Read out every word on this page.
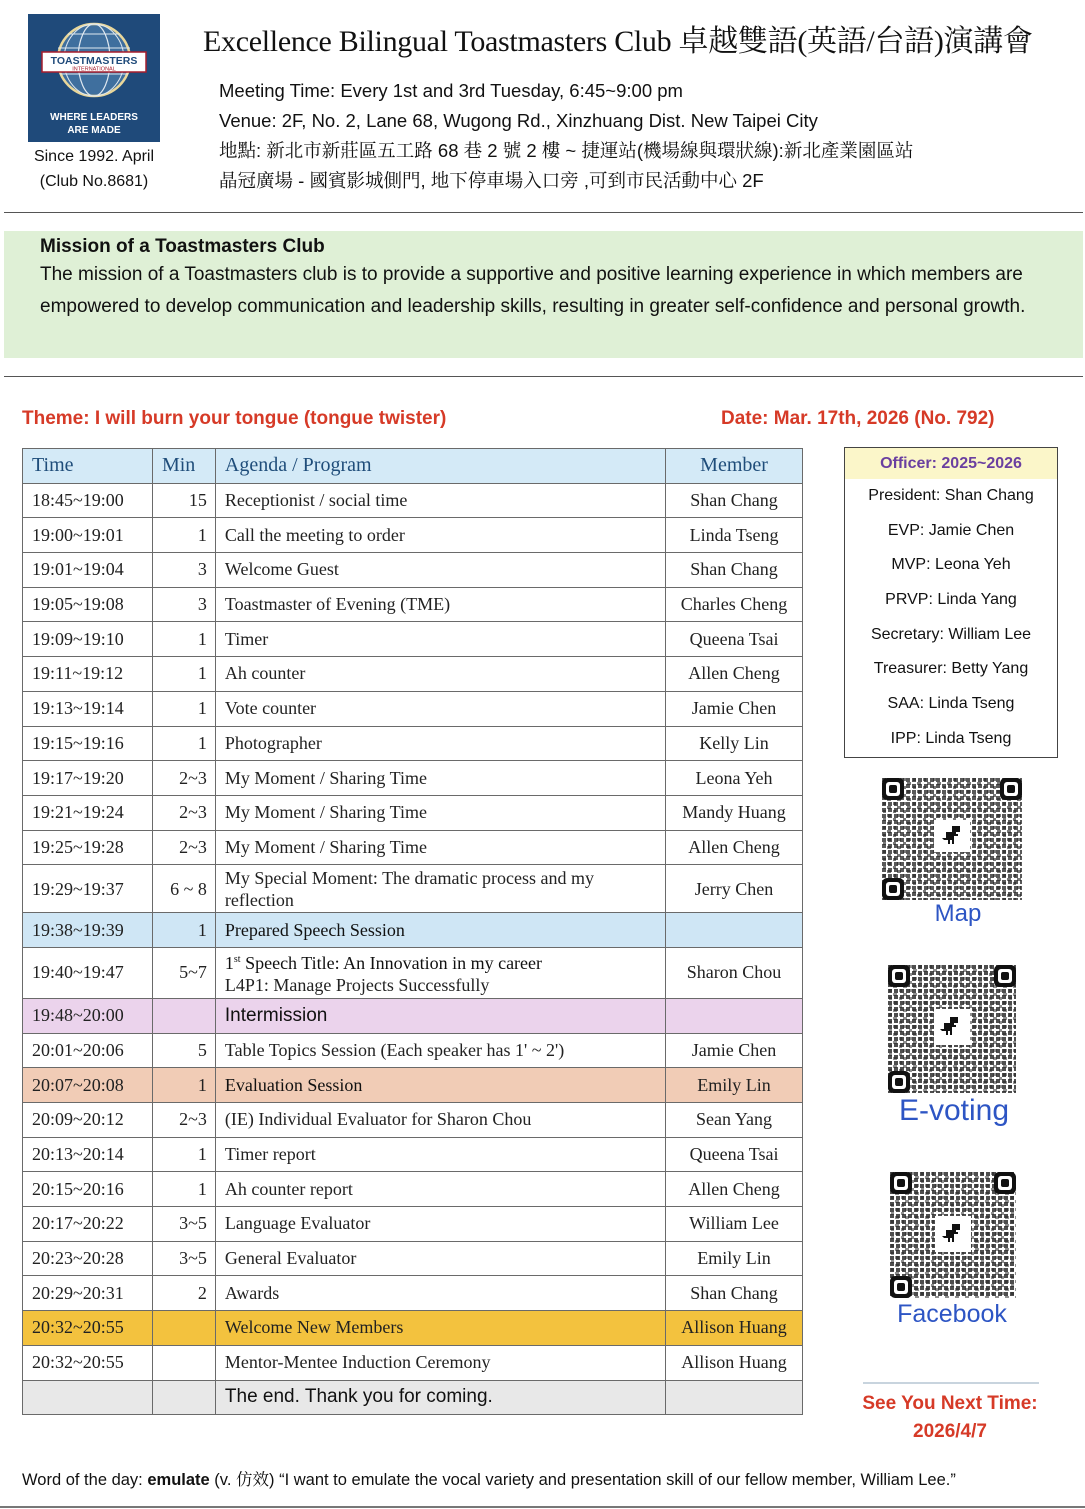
TOASTMASTERS
INTERNATIONAL
WHERE LEADERS
ARE MADE
Since 1992. April
(Club No.8681)
Excellence Bilingual Toastmasters Club 卓越雙語(英語/台語)演講會
Meeting Time: Every 1st and 3rd Tuesday, 6:45~9:00 pm
Venue: 2F, No. 2, Lane 68, Wugong Rd., Xinzhuang Dist. New Taipei City
地點: 新北市新莊區五工路 68 巷 2 號 2 樓 ~ 捷運站(機場線與環狀線):新北產業園區站
晶冠廣場 - 國賓影城側門, 地下停車場入口旁 ,可到市民活動中心 2F
Mission of a Toastmasters Club
The mission of a Toastmasters club is to provide a supportive and positive learning experience in which members are empowered to develop communication and leadership skills, resulting in greater self-confidence and personal growth.
Theme: I will burn your tongue (tongue twister)	Date: Mar. 17th, 2026 (No. 792)
Time	Min	Agenda / Program	Member
18:45~19:00	15	Receptionist / social time	Shan Chang
19:00~19:01	1	Call the meeting to order	Linda Tseng
19:01~19:04	3	Welcome Guest	Shan Chang
19:05~19:08	3	Toastmaster of Evening (TME)	Charles Cheng
19:09~19:10	1	Timer	Queena Tsai
19:11~19:12	1	Ah counter	Allen Cheng
19:13~19:14	1	Vote counter	Jamie Chen
19:15~19:16	1	Photographer	Kelly Lin
19:17~19:20	2~3	My Moment / Sharing Time	Leona Yeh
19:21~19:24	2~3	My Moment / Sharing Time	Mandy Huang
19:25~19:28	2~3	My Moment / Sharing Time	Allen Cheng
19:29~19:37	6 ~ 8	My Special Moment: The dramatic process and my reflection	Jerry Chen
19:38~19:39	1	Prepared Speech Session	
19:40~19:47	5~7	1st Speech Title: An Innovation in my career
L4P1: Manage Projects Successfully	Sharon Chou
19:48~20:00		Intermission	
20:01~20:06	5	Table Topics Session (Each speaker has 1' ~ 2')	Jamie Chen
20:07~20:08	1	Evaluation Session	Emily Lin
20:09~20:12	2~3	(IE) Individual Evaluator for Sharon Chou	Sean Yang
20:13~20:14	1	Timer report	Queena Tsai
20:15~20:16	1	Ah counter report	Allen Cheng
20:17~20:22	3~5	Language Evaluator	William Lee
20:23~20:28	3~5	General Evaluator	Emily Lin
20:29~20:31	2	Awards	Shan Chang
20:32~20:55		Welcome New Members	Allison Huang
20:32~20:55		Mentor-Mentee Induction Ceremony	Allison Huang
		The end. Thank you for coming.	
Officer: 2025~2026
President: Shan Chang
EVP: Jamie Chen
MVP: Leona Yeh
PRVP: Linda Yang
Secretary: William Lee
Treasurer: Betty Yang
SAA: Linda Tseng
IPP: Linda Tseng
Map
E-voting
Facebook
See You Next Time:
2026/4/7
Word of the day: emulate (v. 仿效) “I want to emulate the vocal variety and presentation skill of our fellow member, William Lee.”
